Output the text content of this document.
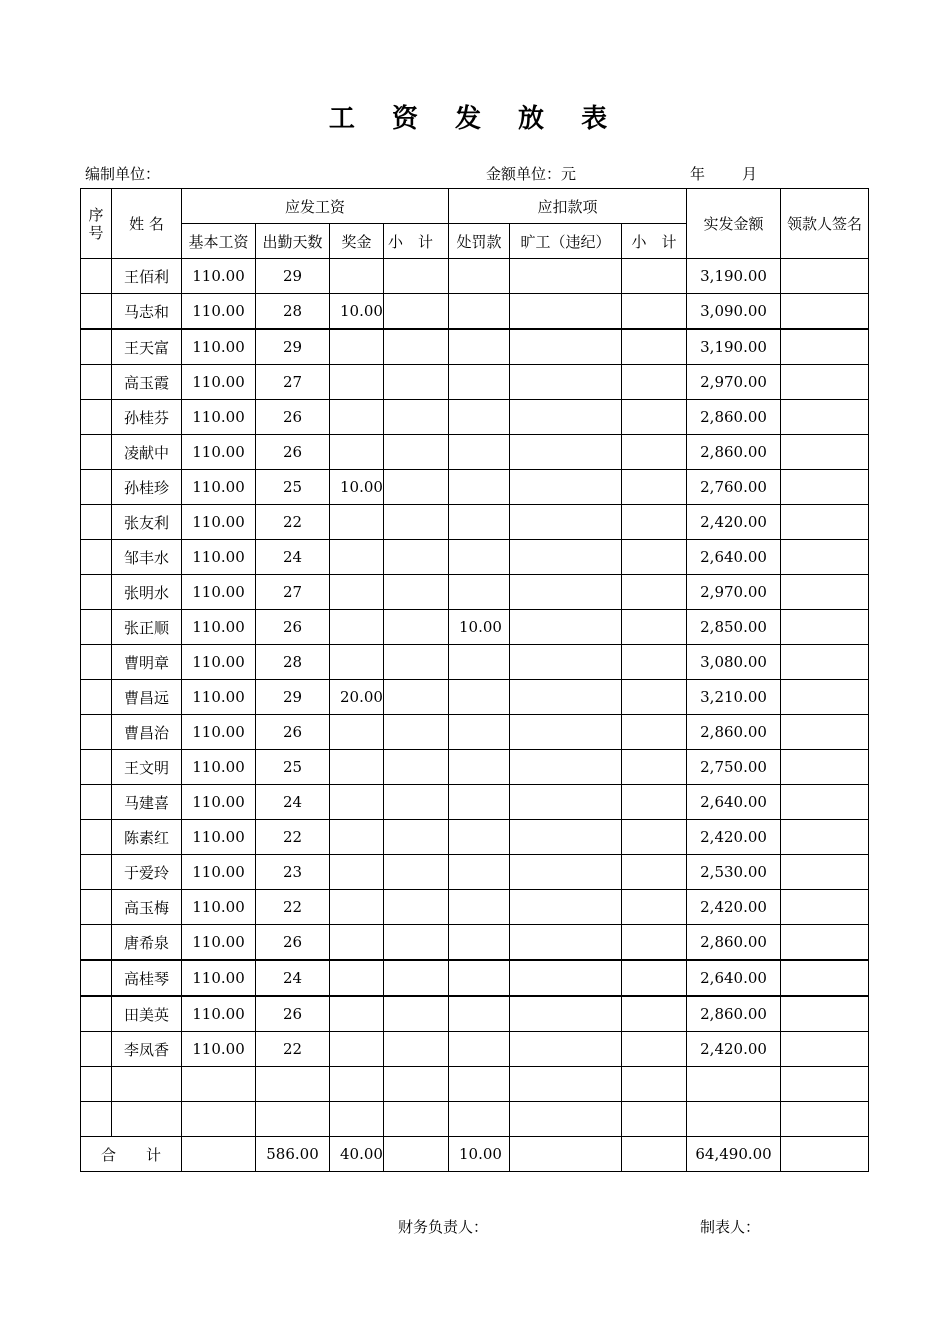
工 资 发 放 表
编制单位：	金额单位：元	年 月
序号	姓 名	应发工资				应扣款项			实发金额	领款人签名
		基本工资	出勤天数	奖金	小　计	处罚款	旷工（违纪）	小　计		
	王佰利	110.00	29						3,190.00	
	马志和	110.00	28	10.00					3,090.00	
	王天富	110.00	29						3,190.00	
	高玉霞	110.00	27						2,970.00	
	孙桂芬	110.00	26						2,860.00	
	凌献中	110.00	26						2,860.00	
	孙桂珍	110.00	25	10.00					2,760.00	
	张友利	110.00	22						2,420.00	
	邹丰水	110.00	24						2,640.00	
	张明水	110.00	27						2,970.00	
	张正顺	110.00	26			10.00			2,850.00	
	曹明章	110.00	28						3,080.00	
	曹昌远	110.00	29	20.00					3,210.00	
	曹昌治	110.00	26						2,860.00	
	王文明	110.00	25						2,750.00	
	马建喜	110.00	24						2,640.00	
	陈素红	110.00	22						2,420.00	
	于爱玲	110.00	23						2,530.00	
	高玉梅	110.00	22						2,420.00	
	唐希泉	110.00	26						2,860.00	
	高桂琴	110.00	24						2,640.00	
	田美英	110.00	26						2,860.00	
	李凤香	110.00	22						2,420.00	

合　　计			586.00	40.00		10.00			64,490.00	
财务负责人：	制表人：
